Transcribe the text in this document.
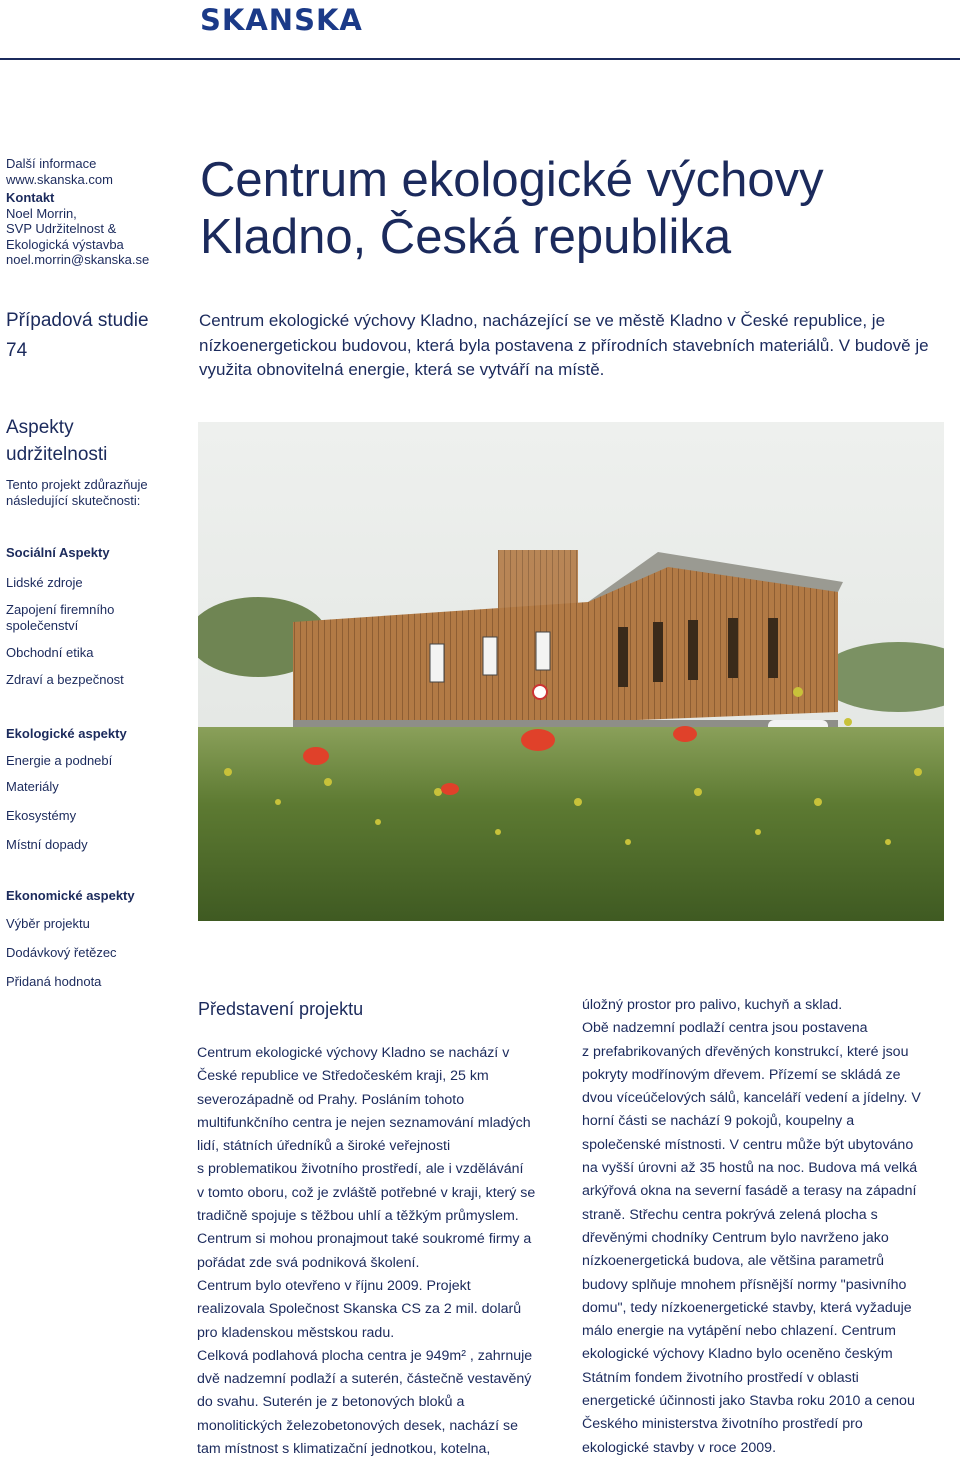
SKANSKA
Další informace
www.skanska.com
Kontakt
Noel Morrin,
SVP Udržitelnost &
Ekologická výstavba
noel.morrin@skanska.se
Případová studie
74
Aspekty
udržitelnosti
Tento projekt zdůrazňuje
následující skutečnosti:
Sociální Aspekty
Lidské zdroje
Zapojení firemního společenství
Obchodní etika
Zdraví a bezpečnost
Ekologické aspekty
Energie a podnebí
Materiály
Ekosystémy
Místní dopady
Ekonomické aspekty
Výběr projektu
Dodávkový řetězec
Přidaná hodnota
Centrum ekologické výchovy
Kladno, Česká republika
Centrum ekologické výchovy Kladno, nacházející se ve městě Kladno v České republice, je nízkoenergetickou budovou, která byla postavena z přírodních stavebních materiálů. V budově je využita obnovitelná energie, která se vytváří na místě.
Představení projektu
Centrum ekologické výchovy Kladno se nachází v
České republice ve Středočeském kraji, 25 km
severozápadně od Prahy. Posláním tohoto
multifunkčního centra je nejen seznamování mladých
lidí, státních úředníků a široké veřejnosti
s problematikou životního prostředí, ale i vzdělávání
v tomto oboru, což je zvláště potřebné v kraji, který se
tradičně spojuje s těžbou uhlí a těžkým průmyslem.
Centrum si mohou pronajmout také soukromé firmy a
pořádat zde svá podniková školení.
Centrum bylo otevřeno v říjnu 2009. Projekt
realizovala Společnost Skanska CS za 2 mil. dolarů
pro kladenskou městskou radu.
Celková podlahová plocha centra je 949m² , zahrnuje
dvě nadzemní podlaží a suterén, částečně vestavěný
do svahu. Suterén je z betonových bloků a
monolitických železobetonových desek, nachází se
tam místnost s klimatizační jednotkou, kotelna,
úložný prostor pro palivo, kuchyň a sklad.
Obě nadzemní podlaží centra jsou postavena
z prefabrikovaných dřevěných konstrukcí, které jsou
pokryty modřínovým dřevem. Přízemí se skládá ze
dvou víceúčelových sálů, kanceláří vedení a jídelny. V
horní části se nachází 9 pokojů, koupelny a
společenské místnosti. V centru může být ubytováno
na vyšší úrovni až 35 hostů na noc. Budova má velká
arkýřová okna na severní fasádě a terasy na západní
straně. Střechu centra pokrývá zelená plocha s
dřevěnými chodníky Centrum bylo navrženo jako
nízkoenergetická budova, ale většina parametrů
budovy splňuje mnohem přísnější normy "pasivního
domu", tedy nízkoenergetické stavby, která vyžaduje
málo energie na vytápění nebo chlazení. Centrum
ekologické výchovy Kladno bylo oceněno českým
Státním fondem životního prostředí v oblasti
energetické účinnosti jako Stavba roku 2010 a cenou
Českého ministerstva životního prostředí pro
ekologické stavby v roce 2009.
